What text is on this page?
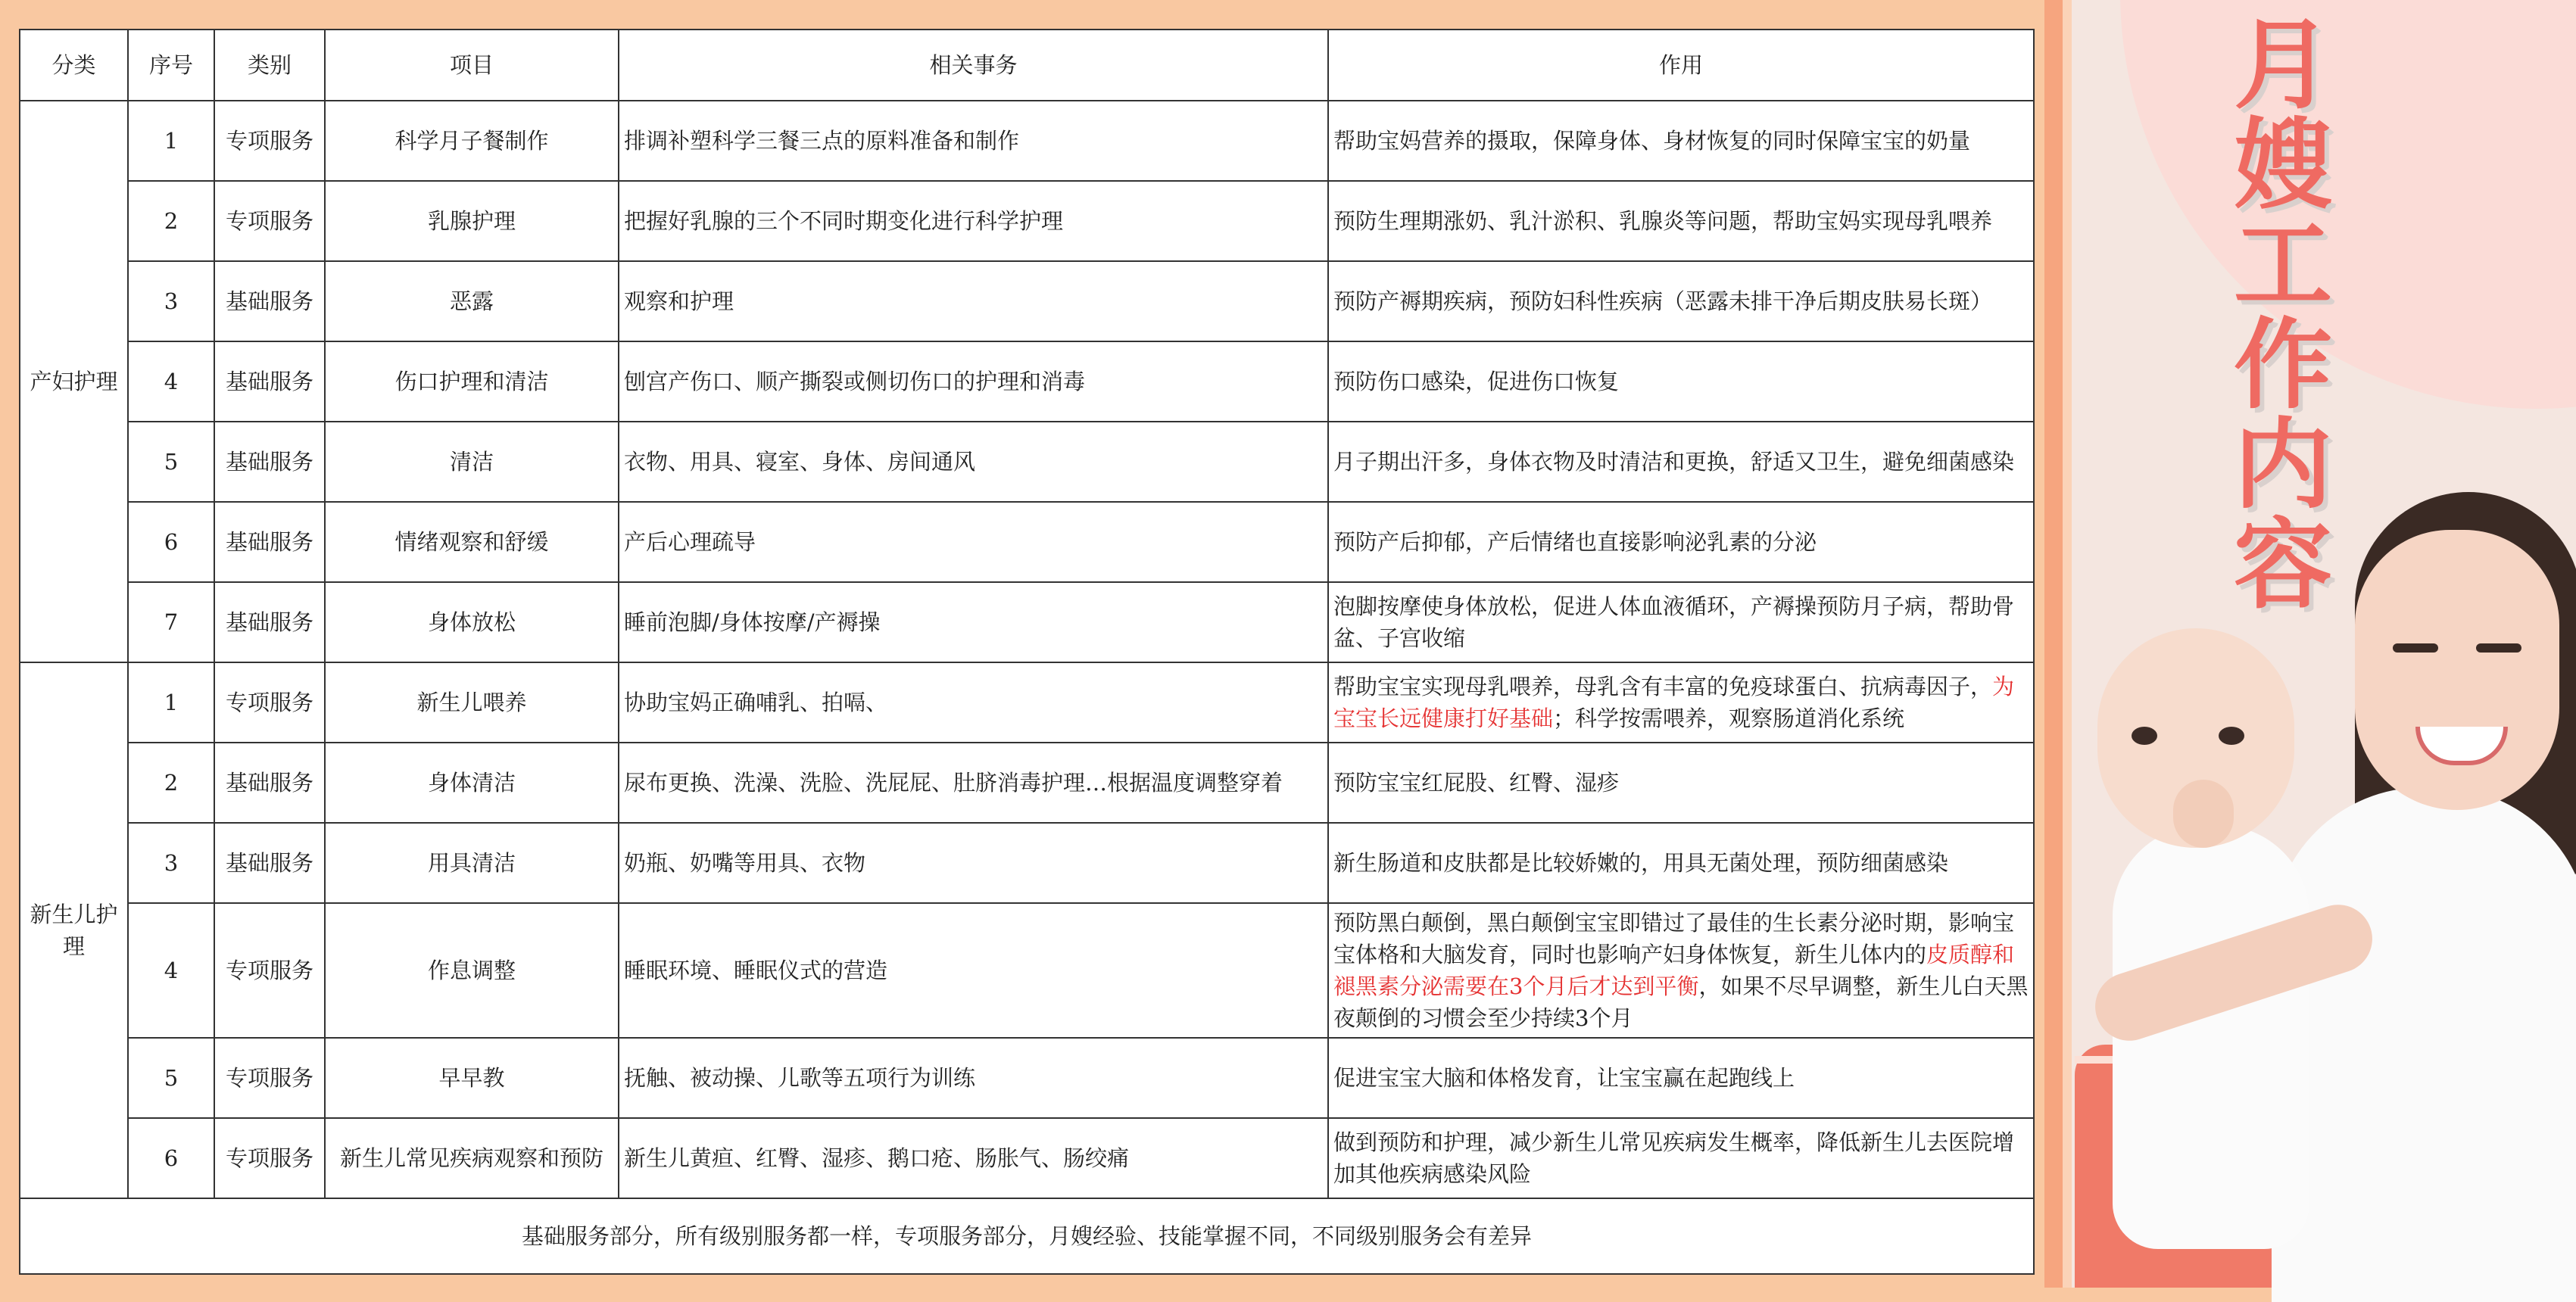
月
嫂
工
作
内
容
分类	序号	类别	项目	相关事务	作用
产妇护理	1	专项服务	科学月子餐制作	排调补塑科学三餐三点的原料准备和制作	帮助宝妈营养的摄取，保障身体、身材恢复的同时保障宝宝的奶量
	2	专项服务	乳腺护理	把握好乳腺的三个不同时期变化进行科学护理	预防生理期涨奶、乳汁淤积、乳腺炎等问题，帮助宝妈实现母乳喂养
	3	基础服务	恶露	观察和护理	预防产褥期疾病，预防妇科性疾病（恶露未排干净后期皮肤易长斑）
	4	基础服务	伤口护理和清洁	刨宫产伤口、顺产撕裂或侧切伤口的护理和消毒	预防伤口感染，促进伤口恢复
	5	基础服务	清洁	衣物、用具、寝室、身体、房间通风	月子期出汗多，身体衣物及时清洁和更换，舒适又卫生，避免细菌感染
	6	基础服务	情绪观察和舒缓	产后心理疏导	预防产后抑郁，产后情绪也直接影响泌乳素的分泌
	7	基础服务	身体放松	睡前泡脚/身体按摩/产褥操	泡脚按摩使身体放松，促进人体血液循环，产褥操预防月子病，帮助骨盆、子宫收缩
新生儿护理	1	专项服务	新生儿喂养	协助宝妈正确哺乳、拍嗝、	帮助宝宝实现母乳喂养，母乳含有丰富的免疫球蛋白、抗病毒因子，为宝宝长远健康打好基础；科学按需喂养，观察肠道消化系统
	2	基础服务	身体清洁	尿布更换、洗澡、洗脸、洗屁屁、肚脐消毒护理…根据温度调整穿着	预防宝宝红屁股、红臀、湿疹
	3	基础服务	用具清洁	奶瓶、奶嘴等用具、衣物	新生肠道和皮肤都是比较娇嫩的，用具无菌处理，预防细菌感染
	4	专项服务	作息调整	睡眠环境、睡眠仪式的营造	预防黑白颠倒，黑白颠倒宝宝即错过了最佳的生长素分泌时期，影响宝宝体格和大脑发育，同时也影响产妇身体恢复，新生儿体内的皮质醇和褪黑素分泌需要在3个月后才达到平衡，如果不尽早调整，新生儿白天黑夜颠倒的习惯会至少持续3个月
	5	专项服务	早早教	抚触、被动操、儿歌等五项行为训练	促进宝宝大脑和体格发育，让宝宝赢在起跑线上
	6	专项服务	新生儿常见疾病观察和预防	新生儿黄疸、红臀、湿疹、鹅口疮、肠胀气、肠绞痛	做到预防和护理，减少新生儿常见疾病发生概率，降低新生儿去医院增加其他疾病感染风险
基础服务部分，所有级别服务都一样，专项服务部分，月嫂经验、技能掌握不同，不同级别服务会有差异					
